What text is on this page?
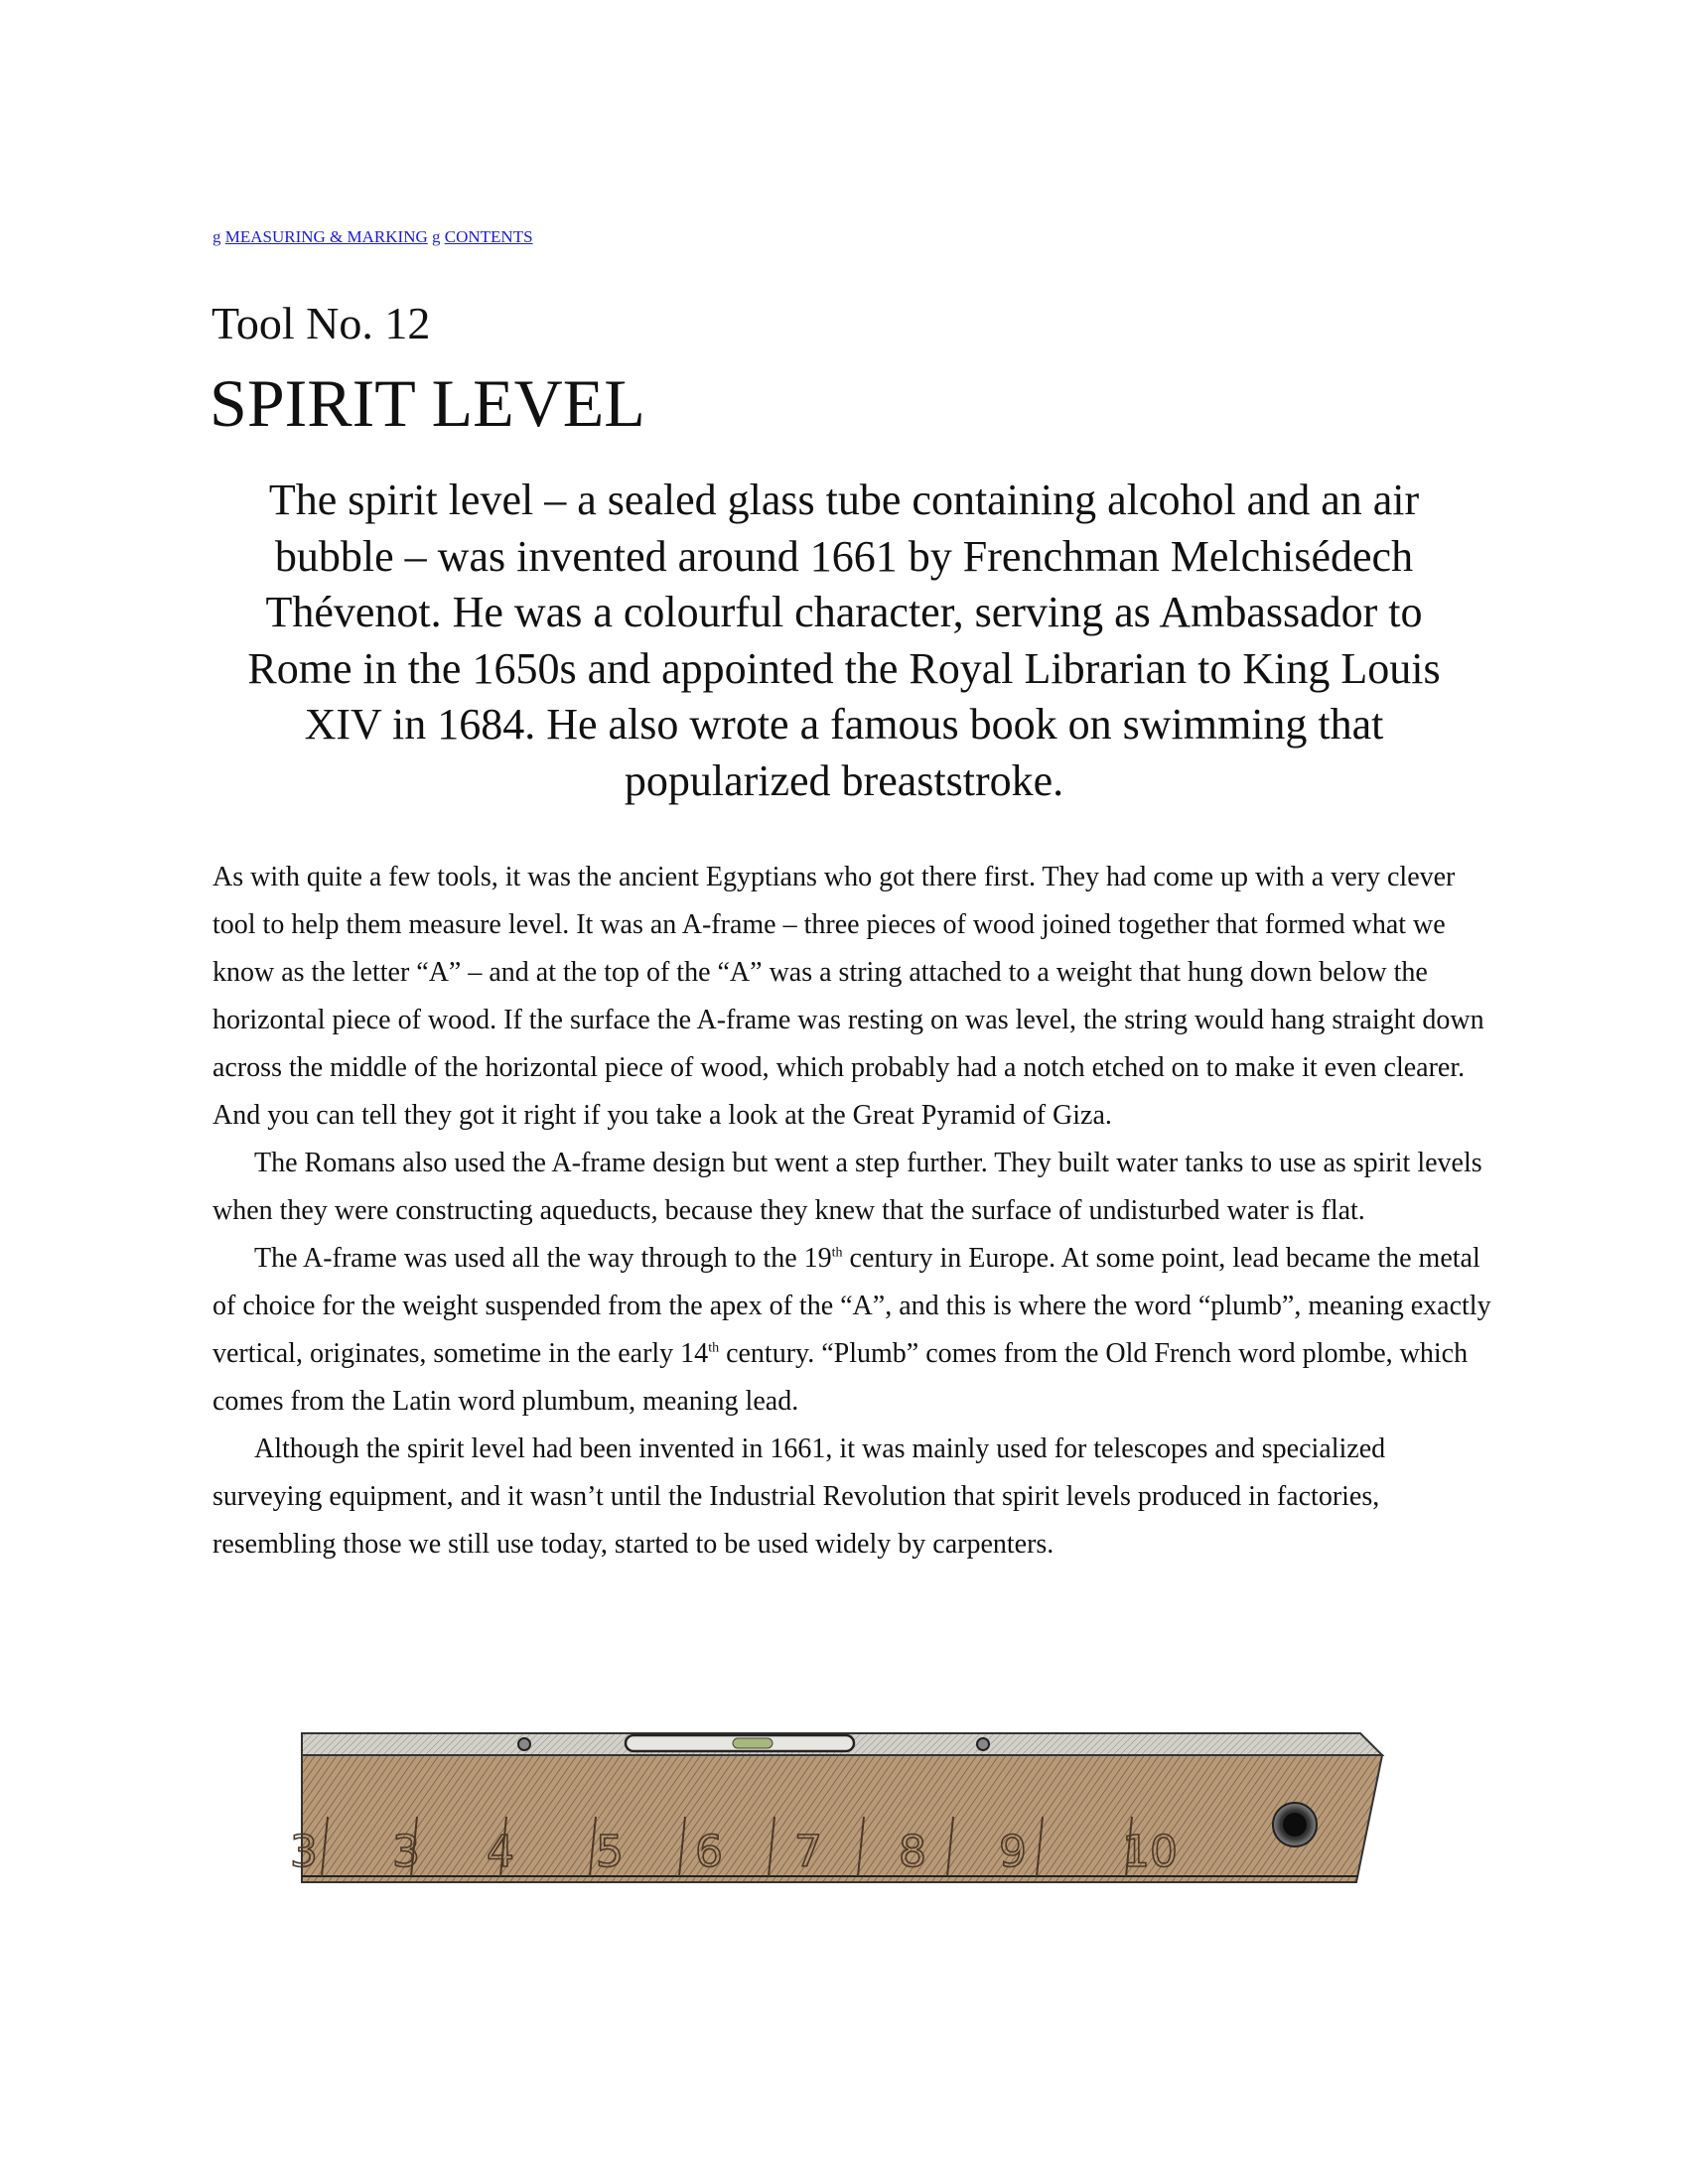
g MEASURING & MARKING g CONTENTS
Tool No. 12
SPIRIT LEVEL

The spirit level – a sealed glass tube containing alcohol and an air bubble – was invented around 1661 by Frenchman Melchisédech Thévenot. He was a colourful character, serving as Ambassador to Rome in the 1650s and appointed the Royal Librarian to King Louis XIV in 1684. He also wrote a famous book on swimming that popularized breaststroke.

As with quite a few tools, it was the ancient Egyptians who got there first. They had come up with a very clever tool to help them measure level. It was an A-frame – three pieces of wood joined together that formed what we know as the letter “A” – and at the top of the “A” was a string attached to a weight that hung down below the horizontal piece of wood. If the surface the A-frame was resting on was level, the string would hang straight down across the middle of the horizontal piece of wood, which probably had a notch etched on to make it even clearer. And you can tell they got it right if you take a look at the Great Pyramid of Giza.

The Romans also used the A-frame design but went a step further. They built water tanks to use as spirit levels when they were constructing aqueducts, because they knew that the surface of undisturbed water is flat.

The A-frame was used all the way through to the 19th century in Europe. At some point, lead became the metal of choice for the weight suspended from the apex of the “A”, and this is where the word “plumb”, meaning exactly vertical, originates, sometime in the early 14th century. “Plumb” comes from the Old French word plombe, which comes from the Latin word plumbum, meaning lead.

Although the spirit level had been invented in 1661, it was mainly used for telescopes and specialized surveying equipment, and it wasn’t until the Industrial Revolution that spirit levels produced in factories, resembling those we still use today, started to be used widely by carpenters.

3 3 4 5 6 7 8 9 10
